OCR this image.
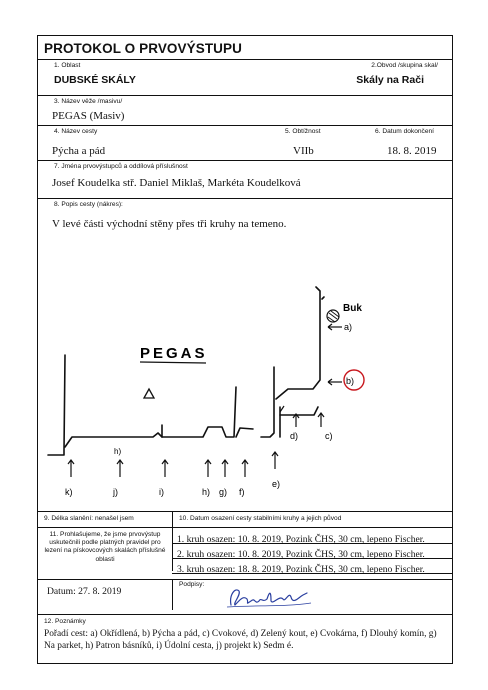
PROTOKOL O PRVOVÝSTUPU
1. Oblast
DUBSKÉ SKÁLY
2.Obvod /skupina skal/
Skály na Rači
3. Název věže /masivu/
PEGAS (Masiv)
4. Název cesty
Pýcha a pád
5. Obtížnost
VIIb
6. Datum dokončení
18. 8. 2019
7. Jména prvovýstupců a oddílová příslušnost
Josef Koudelka stř. Daniel Miklaš, Markéta Koudelková
8. Popis cesty (nákres):
V levé části východní stěny přes tři kruhy na temeno.
Buk
PEGAS
a)
b)
c)
d)
k)	j)	i)	h) g) f)
e)
h)
9. Délka slanění: nenašel jsem	10. Datum osazení cesty stabilními kruhy a jejich původ
11. Prohlašujeme, že jsme prvovýstup uskutečnili podle platných pravidel pro lezení na pískovcových skalách příslušné oblasti
1. kruh osazen: 10. 8. 2019, Pozink ČHS, 30 cm, lepeno Fischer.
2. kruh osazen: 10. 8. 2019, Pozink ČHS, 30 cm, lepeno Fischer.
3. kruh osazen: 18. 8. 2019, Pozink ČHS, 30 cm, lepeno Fischer.
Datum: 27. 8. 2019
Podpisy:
12. Poznámky
Pořadí cest: a) Okřídlená, b) Pýcha a pád, c) Cvokové, d) Zelený kout, e) Cvokárna, f) Dlouhý komín, g) Na parket, h) Patron básníků, i) Údolní cesta, j) projekt k) Sedm é.
